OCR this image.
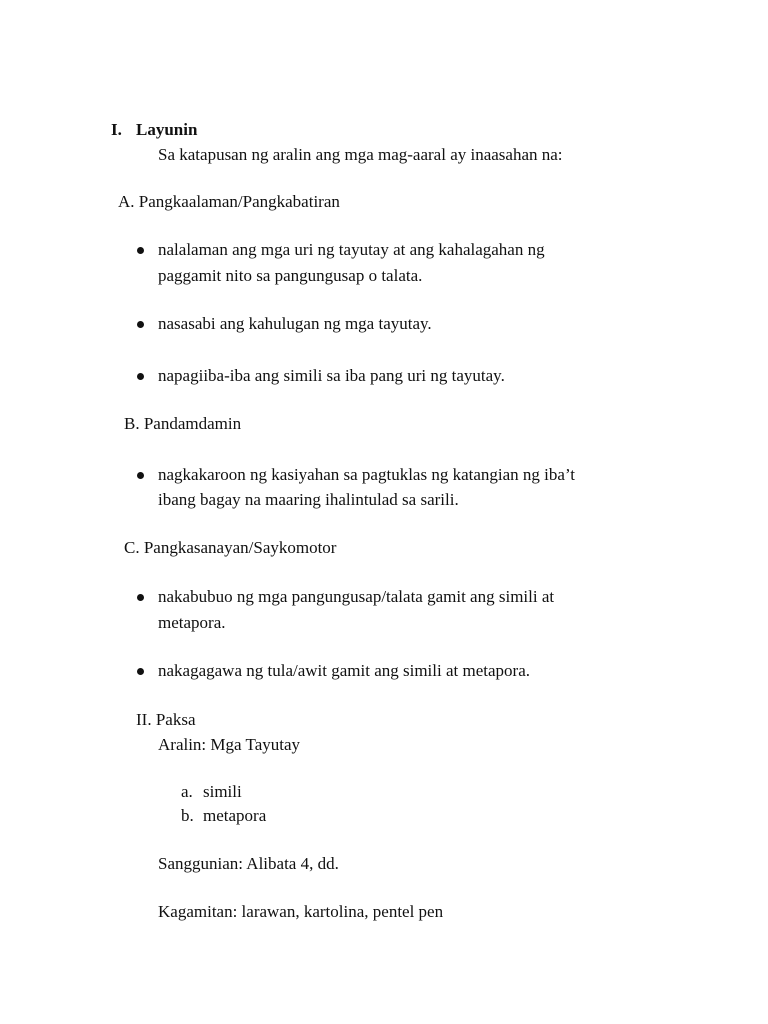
I. Layunin
Sa katapusan ng aralin ang mga mag-aaral ay inaasahan na:
A. Pangkaalaman/Pangkabatiran
nalalaman ang mga uri ng tayutay at ang kahalagahan ng
paggamit nito sa pangungusap o talata.
nasasabi ang kahulugan ng mga tayutay.
napagiiba-iba ang simili sa iba pang uri ng tayutay.
B. Pandamdamin
nagkakaroon ng kasiyahan sa pagtuklas ng katangian ng iba’t
ibang bagay na maaring ihalintulad sa sarili.
C. Pangkasanayan/Saykomotor
nakabubuo ng mga pangungusap/talata gamit ang simili at
metapora.
nakagagawa ng tula/awit gamit ang simili at metapora.
II. Paksa
Aralin: Mga Tayutay
a. simili
b. metapora
Sanggunian: Alibata 4, dd.
Kagamitan: larawan, kartolina, pentel pen
